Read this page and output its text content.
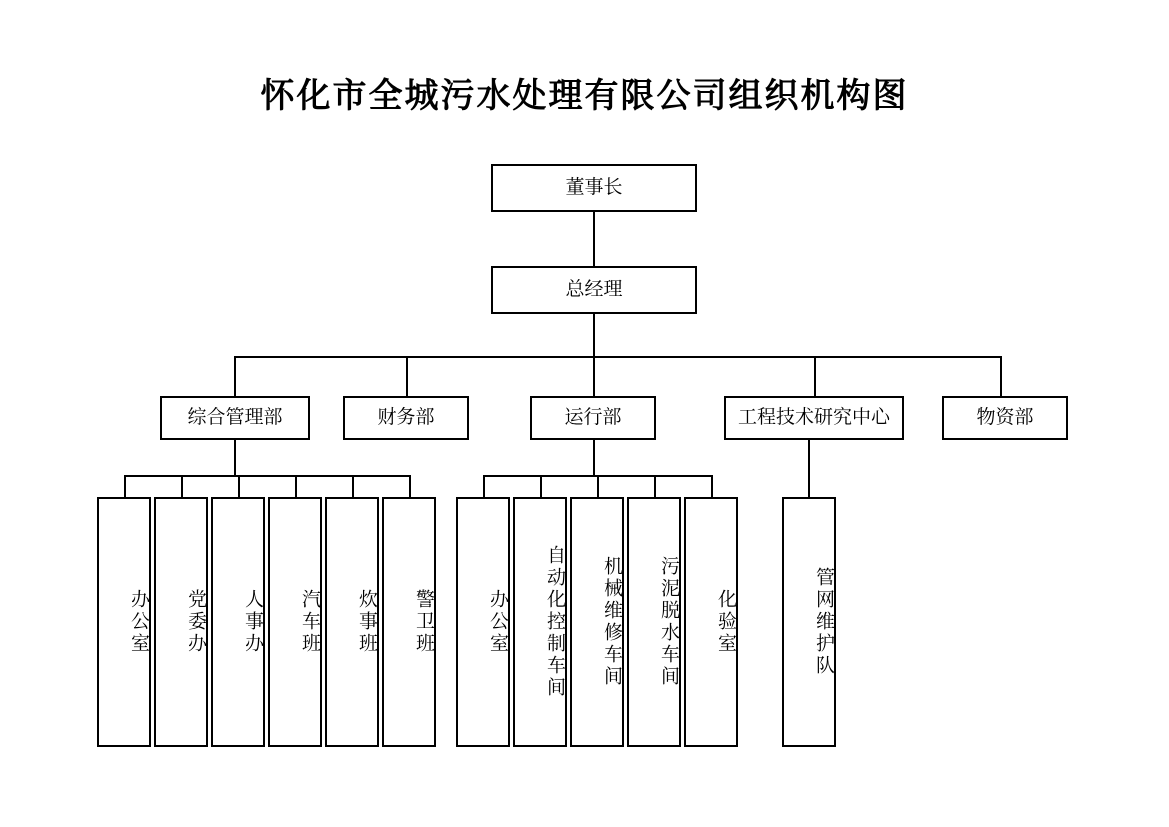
怀化市全城污水处理有限公司组织机构图
董事长
总经理
综合管理部	财务部	运行部	工程技术研究中心	物资部
办公室	党委办	人事办	汽车班	炊事班	警卫班	办公室	自动化控制车间	机械维修车间	污泥脱水车间	化验室	管网维护队
